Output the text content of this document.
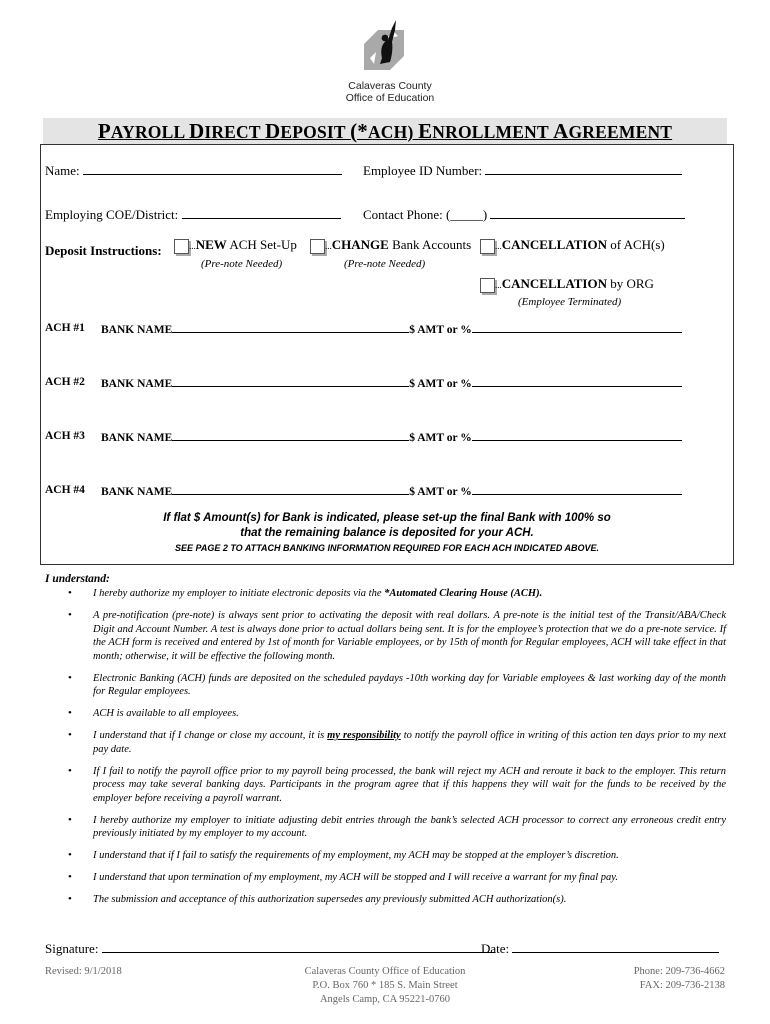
Calaveras County
Office of Education
PAYROLL DIRECT DEPOSIT (*ACH) ENROLLMENT AGREEMENT
Name:	Employee ID Number:
Employing COE/District:	Contact Phone: (_____)
Deposit Instructions:	...NEW ACH Set-Up
(Pre-note Needed)
...CHANGE Bank Accounts
(Pre-note Needed)
...CANCELLATION of ACH(s)
...CANCELLATION by ORG
(Employee Terminated)
ACH #1 BANK NAME	$ AMT or %
ACH #2 BANK NAME	$ AMT or %
ACH #3 BANK NAME	$ AMT or %
ACH #4 BANK NAME	$ AMT or %
If flat $ Amount(s) for Bank is indicated, please set-up the final Bank with 100% so
that the remaining balance is deposited for your ACH.
SEE PAGE 2 TO ATTACH BANKING INFORMATION REQUIRED FOR EACH ACH INDICATED ABOVE.
I understand:
• I hereby authorize my employer to initiate electronic deposits via the *Automated Clearing House (ACH).
• A pre-notification (pre-note) is always sent prior to activating the deposit with real dollars. A pre-note is the initial test of the Transit/ABA/Check Digit and Account Number. A test is always done prior to actual dollars being sent. It is for the employee’s protection that we do a pre-note service. If the ACH form is received and entered by 1st of month for Variable employees, or by 15th of month for Regular employees, ACH will take effect in that month; otherwise, it will be effective the following month.
• Electronic Banking (ACH) funds are deposited on the scheduled paydays -10th working day for Variable employees & last working day of the month for Regular employees.
• ACH is available to all employees.
• I understand that if I change or close my account, it is my responsibility to notify the payroll office in writing of this action ten days prior to my next pay date.
• If I fail to notify the payroll office prior to my payroll being processed, the bank will reject my ACH and reroute it back to the employer. This return process may take several banking days. Participants in the program agree that if this happens they will wait for the funds to be received by the employer before receiving a payroll warrant.
• I hereby authorize my employer to initiate adjusting debit entries through the bank’s selected ACH processor to correct any erroneous credit entry previously initiated by my employer to my account.
• I understand that if I fail to satisfy the requirements of my employment, my ACH may be stopped at the employer’s discretion.
• I understand that upon termination of my employment, my ACH will be stopped and I will receive a warrant for my final pay.
• The submission and acceptance of this authorization supersedes any previously submitted ACH authorization(s).
Signature:	Date:
Revised: 9/1/2018	Calaveras County Office of Education
P.O. Box 760 * 185 S. Main Street
Angels Camp, CA 95221-0760
Phone: 209-736-4662
FAX: 209-736-2138
